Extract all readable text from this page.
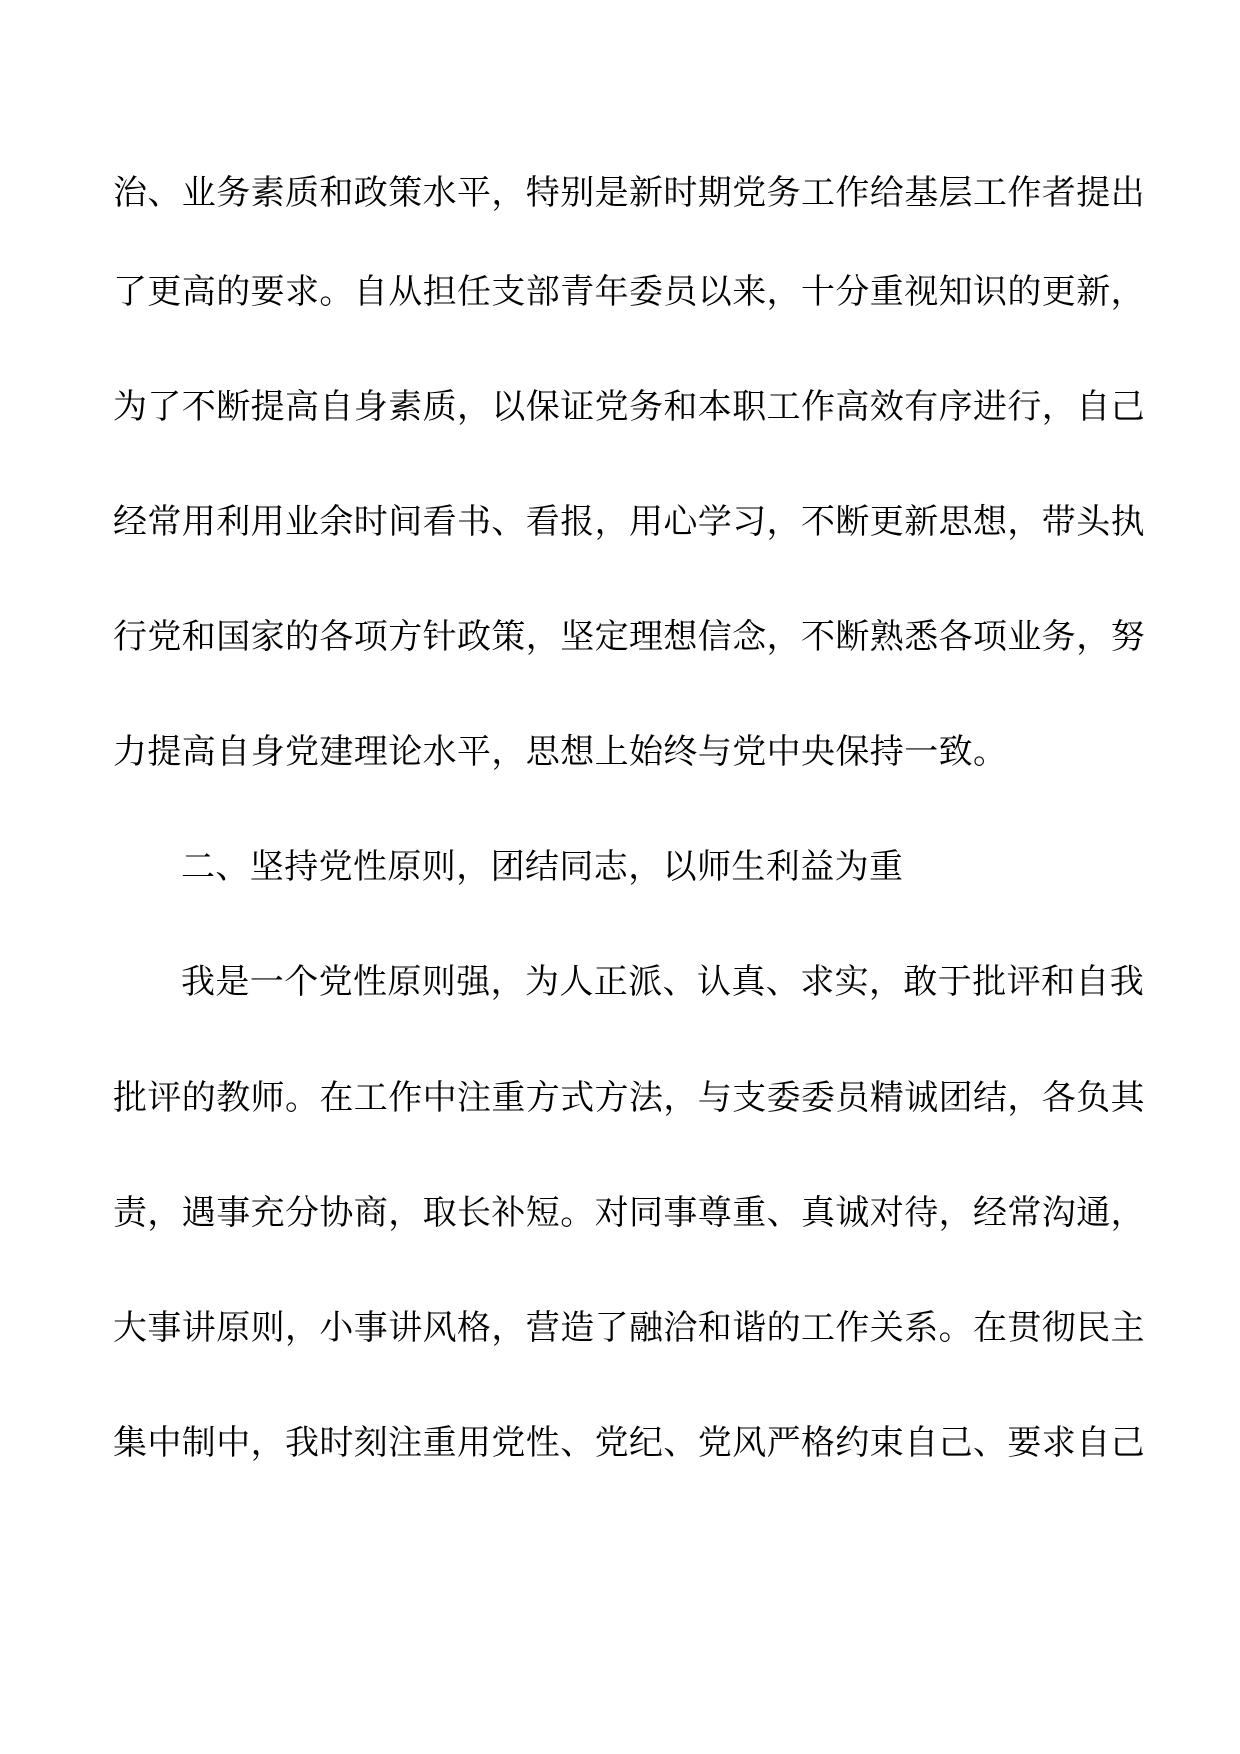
治、业务素质和政策水平，特别是新时期党务工作给基层工作者提出
了更高的要求。自从担任支部青年委员以来，十分重视知识的更新，
为了不断提高自身素质，以保证党务和本职工作高效有序进行，自己
经常用利用业余时间看书、看报，用心学习，不断更新思想，带头执
行党和国家的各项方针政策，坚定理想信念，不断熟悉各项业务，努
力提高自身党建理论水平，思想上始终与党中央保持一致。
二、坚持党性原则，团结同志，以师生利益为重
我是一个党性原则强，为人正派、认真、求实，敢于批评和自我
批评的教师。在工作中注重方式方法，与支委委员精诚团结，各负其
责，遇事充分协商，取长补短。对同事尊重、真诚对待，经常沟通，
大事讲原则，小事讲风格，营造了融洽和谐的工作关系。在贯彻民主
集中制中，我时刻注重用党性、党纪、党风严格约束自己、要求自己
